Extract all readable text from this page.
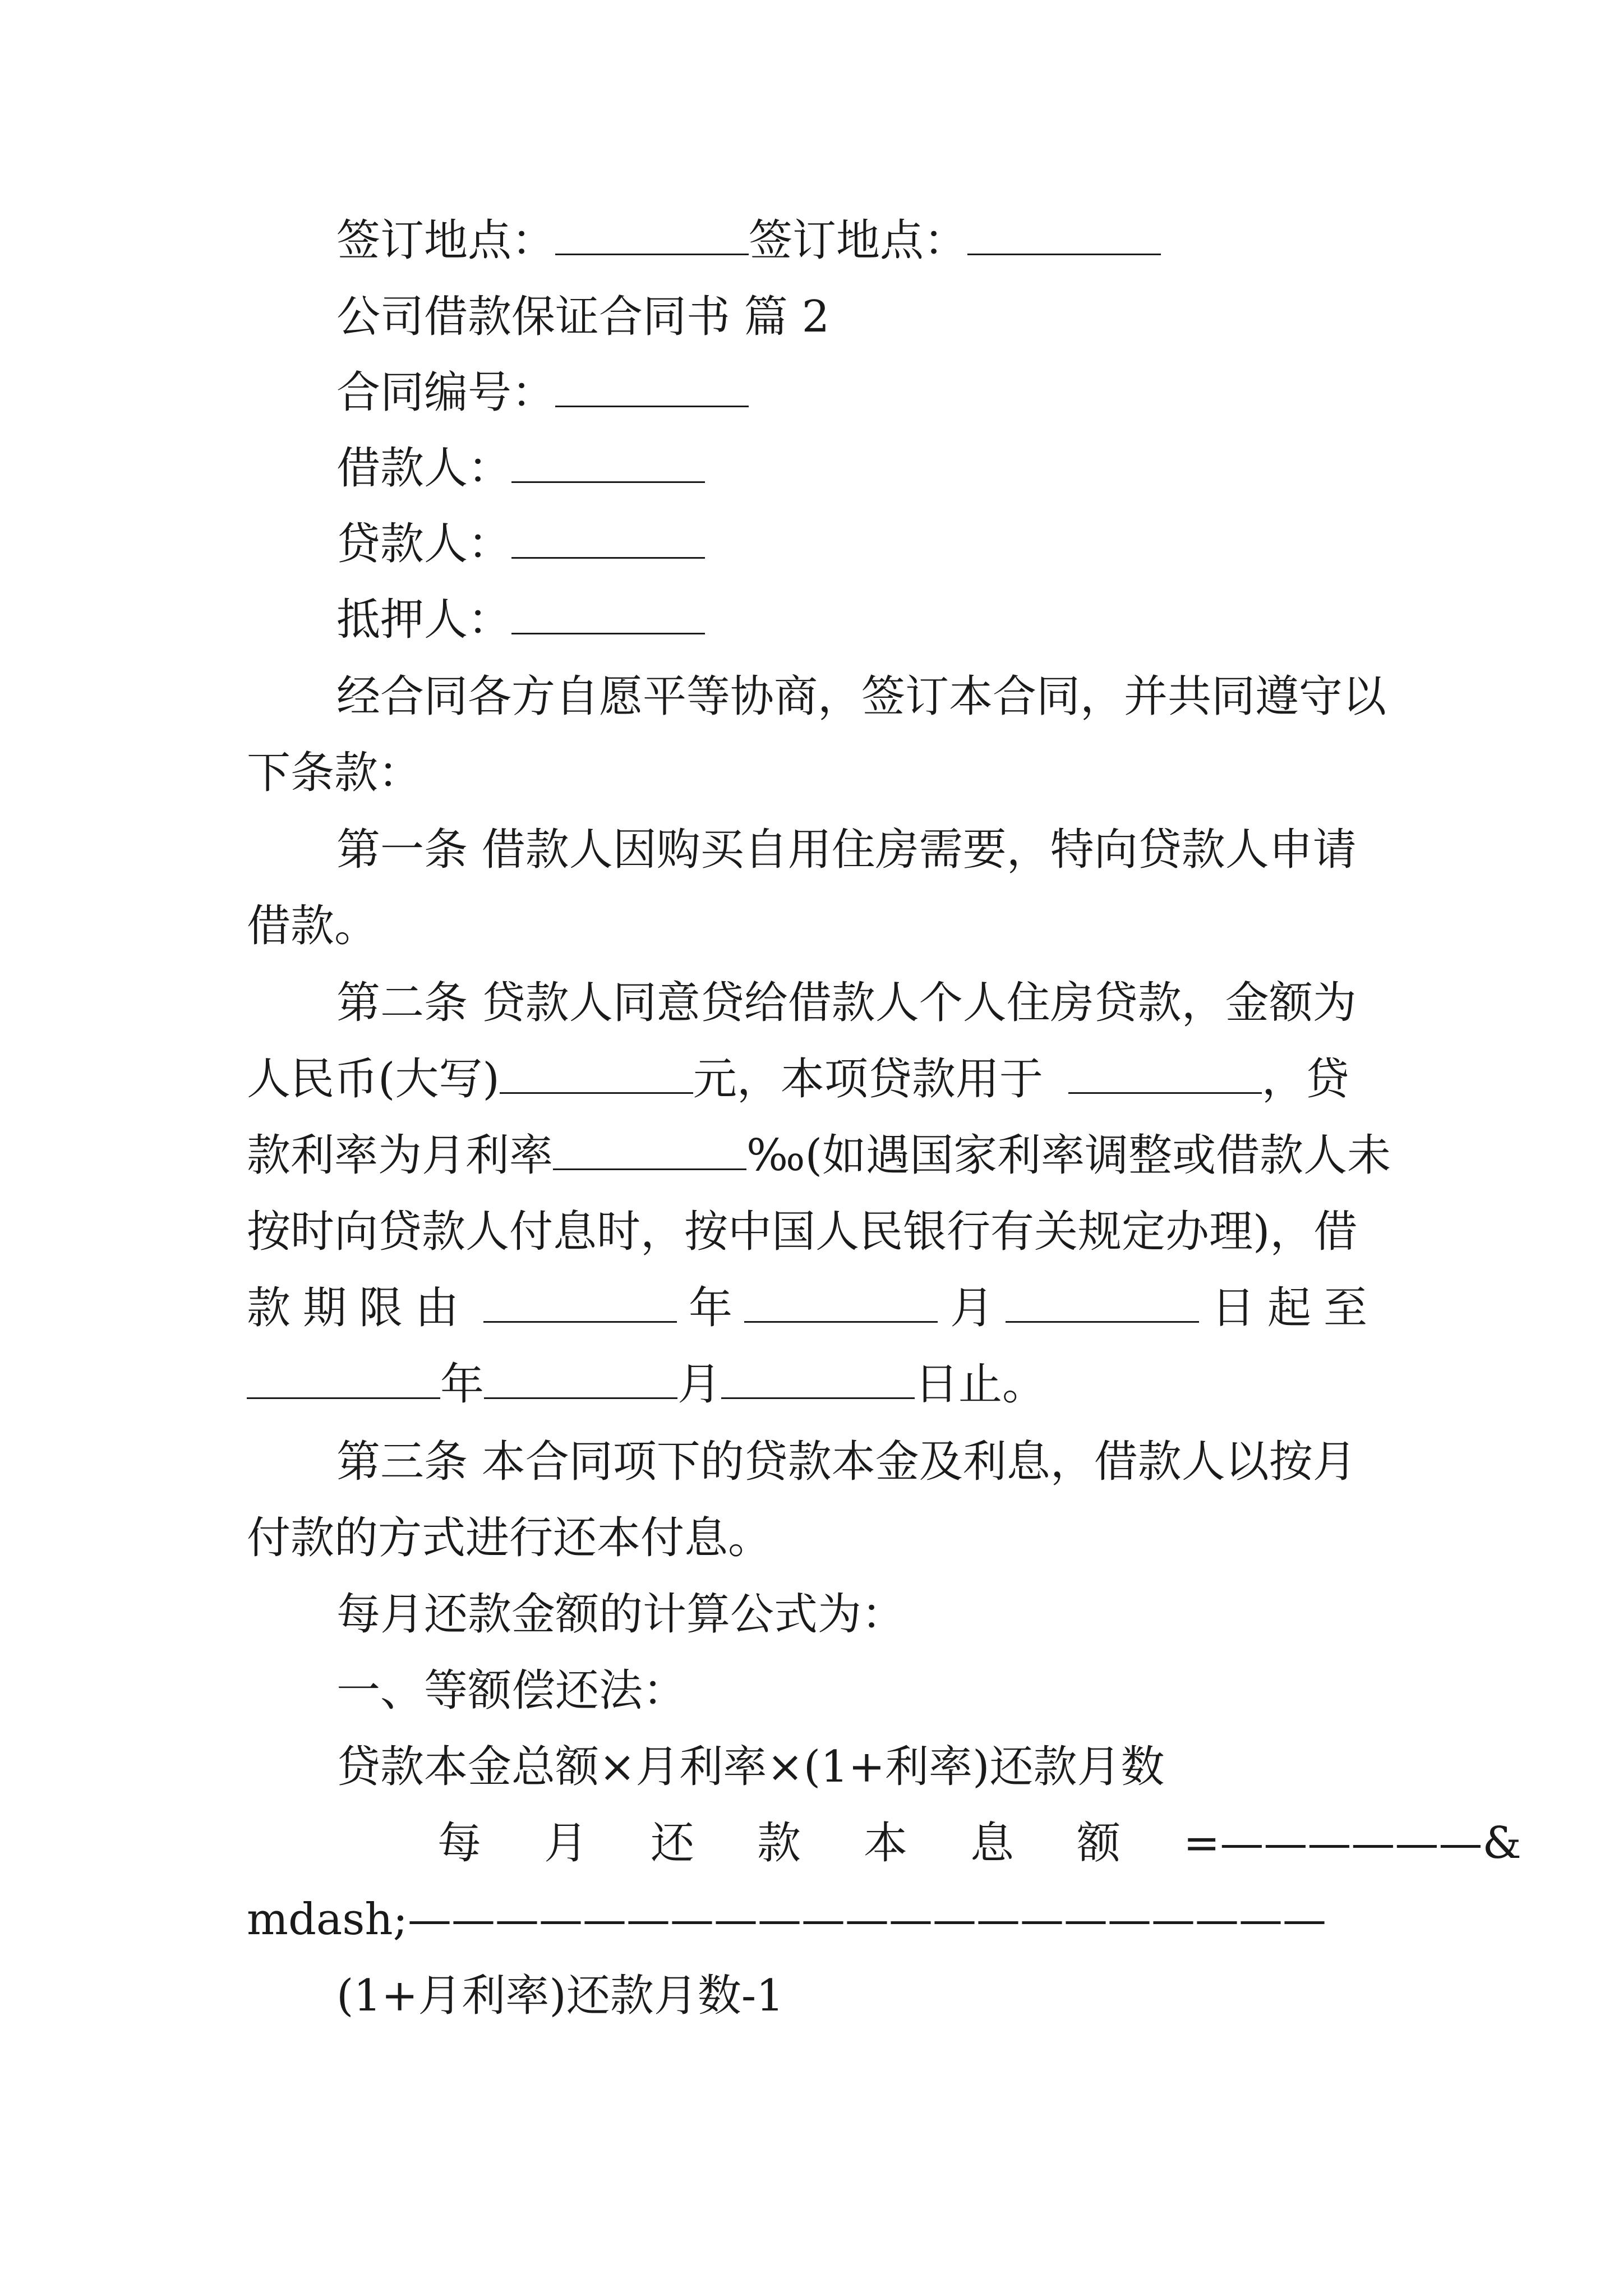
签订地点：	签订地点：
公司借款保证合同书 篇 2
合同编号：
借款人：
贷款人：
抵押人：
经合同各方自愿平等协商，签订本合同，并共同遵守以
下条款：
第一条 借款人因购买自用住房需要，特向贷款人申请
借款。
第二条 贷款人同意贷给借款人个人住房贷款，金额为
人民币(大写)	元，本项贷款用于	，贷
款利率为月利率	‰(如遇国家利率调整或借款人未
按时向贷款人付息时，按中国人民银行有关规定办理)，借
款期限由	年	月	日起至
年	月	日止。
第三条 本合同项下的贷款本金及利息，借款人以按月
付款的方式进行还本付息。
每月还款金额的计算公式为：
一、等额偿还法：
贷款本金总额×月利率×(1+利率)还款月数
每月还款本息额 =——————&
mdash;—————————————————————
(1+月利率)还款月数-1
